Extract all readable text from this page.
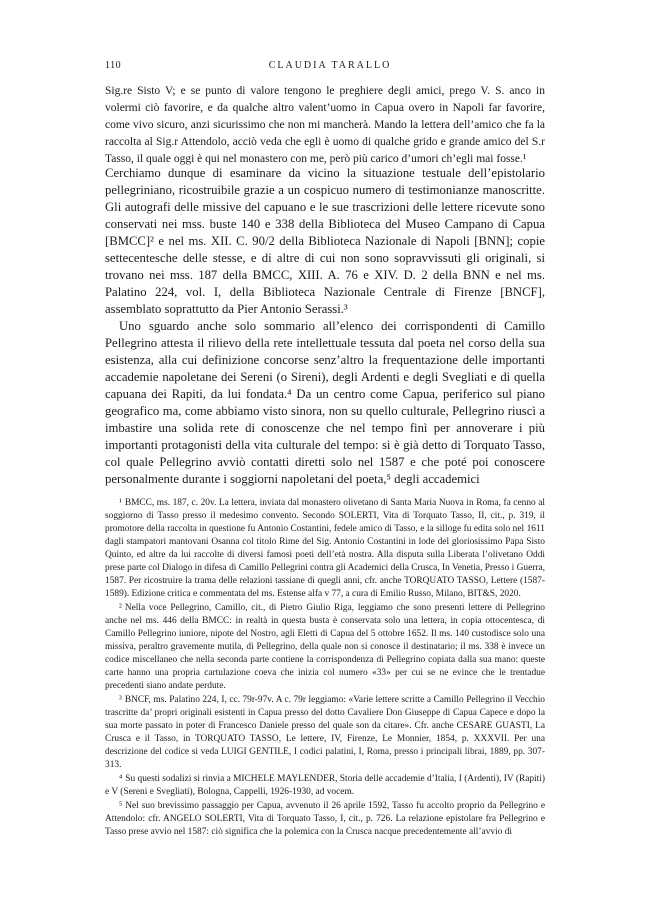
110	CLAUDIA TARALLO
Sig.re Sisto V; e se punto di valore tengono le preghiere degli amici, prego V. S. anco in volermi ciò favorire, e da qualche altro valent’uomo in Capua overo in Napoli far favorire, come vivo sicuro, anzi sicurissimo che non mi mancherà. Mando la lettera dell’amico che fa la raccolta al Sig.r Attendolo, acciò veda che egli è uomo di qualche grido e grande amico del S.r Tasso, il quale oggi è qui nel monastero con me, però più carico d’umori ch’egli mai fosse.¹

Cerchiamo dunque di esaminare da vicino la situazione testuale dell’epistolario pellegriniano, ricostruibile grazie a un cospicuo numero di testimonianze manoscritte. Gli autografi delle missive del capuano e le sue trascrizioni delle lettere ricevute sono conservati nei mss. buste 140 e 338 della Biblioteca del Museo Campano di Capua [BMCC]² e nel ms. XII. C. 90/2 della Biblioteca Nazionale di Napoli [BNN]; copie settecentesche delle stesse, e di altre di cui non sono sopravvissuti gli originali, si trovano nei mss. 187 della BMCC, XIII. A. 76 e XIV. D. 2 della BNN e nel ms. Palatino 224, vol. I, della Biblioteca Nazionale Centrale di Firenze [BNCF], assemblato soprattutto da Pier Antonio Serassi.³

Uno sguardo anche solo sommario all’elenco dei corrispondenti di Camillo Pellegrino attesta il rilievo della rete intellettuale tessuta dal poeta nel corso della sua esistenza, alla cui definizione concorse senz’altro la frequentazione delle importanti accademie napoletane dei Sereni (o Sireni), degli Ardenti e degli Svegliati e di quella capuana dei Rapiti, da lui fondata.⁴ Da un centro come Capua, periferico sul piano geografico ma, come abbiamo visto sinora, non su quello culturale, Pellegrino riuscì a imbastire una solida rete di conoscenze che nel tempo finì per annoverare i più importanti protagonisti della vita culturale del tempo: si è già detto di Torquato Tasso, col quale Pellegrino avviò contatti diretti solo nel 1587 e che poté poi conoscere personalmente durante i soggiorni napoletani del poeta,⁵ degli accademici

¹ BMCC, ms. 187, c. 20v. La lettera, inviata dal monastero olivetano di Santa Maria Nuova in Roma, fa cenno al soggiorno di Tasso presso il medesimo convento. Secondo SOLERTI, Vita di Torquato Tasso, II, cit., p. 319, il promotore della raccolta in questione fu Antonio Costantini, fedele amico di Tasso, e la silloge fu edita solo nel 1611 dagli stampatori mantovani Osanna col titolo Rime del Sig. Antonio Costantini in lode del gloriosissimo Papa Sisto Quinto, ed altre da lui raccolte di diversi famosi poeti dell’età nostra. Alla disputa sulla Liberata l’olivetano Oddi prese parte col Dialogo in difesa di Camillo Pellegrini contra gli Academici della Crusca, In Venetia, Presso i Guerra, 1587. Per ricostruire la trama delle relazioni tassiane di quegli anni, cfr. anche TORQUATO TASSO, Lettere (1587-1589). Edizione critica e commentata del ms. Estense alfa v 77, a cura di Emilio Russo, Milano, BIT&S, 2020.

² Nella voce Pellegrino, Camillo, cit., di Pietro Giulio Riga, leggiamo che sono presenti lettere di Pellegrino anche nel ms. 446 della BMCC: in realtà in questa busta è conservata solo una lettera, in copia ottocentesca, di Camillo Pellegrino iuniore, nipote del Nostro, agli Eletti di Capua del 5 ottobre 1652. Il ms. 140 custodisce solo una missiva, peraltro gravemente mutila, di Pellegrino, della quale non si conosce il destinatario; il ms. 338 è invece un codice miscellaneo che nella seconda parte contiene la corrispondenza di Pellegrino copiata dalla sua mano: queste carte hanno una propria cartulazione coeva che inizia col numero «33» per cui se ne evince che le trentadue precedenti siano andate perdute.

³ BNCF, ms. Palatino 224, I, cc. 79r-97v. A c. 79r leggiamo: «Varie lettere scritte a Camillo Pellegrino il Vecchio trascritte da’ propri originali esistenti in Capua presso del dotto Cavaliere Don Giuseppe di Capua Capece e dopo la sua morte passato in poter di Francesco Daniele presso del quale son da citare». Cfr. anche CESARE GUASTI, La Crusca e il Tasso, in TORQUATO TASSO, Le lettere, IV, Firenze, Le Monnier, 1854, p. XXXVII. Per una descrizione del codice si veda LUIGI GENTILE, I codici palatini, I, Roma, presso i principali librai, 1889, pp. 307-313.

⁴ Su questi sodalizi si rinvia a MICHELE MAYLENDER, Storia delle accademie d’Italia, I (Ardenti), IV (Rapiti) e V (Sereni e Svegliati), Bologna, Cappelli, 1926-1930, ad vocem.

⁵ Nel suo brevissimo passaggio per Capua, avvenuto il 26 aprile 1592, Tasso fu accolto proprio da Pellegrino e Attendolo: cfr. ANGELO SOLERTI, Vita di Torquato Tasso, I, cit., p. 726. La relazione epistolare fra Pellegrino e Tasso prese avvio nel 1587: ciò significa che la polemica con la Crusca nacque precedentemente all’avvio di
